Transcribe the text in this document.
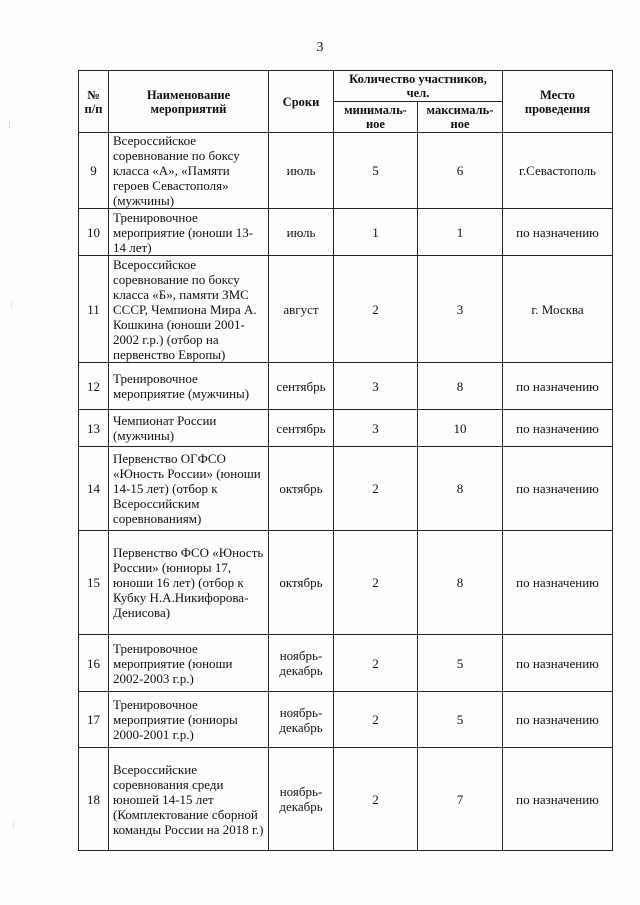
3
⁝
⁝
⁝
№ п/п	Наименование мероприятий	Сроки	Количество участников, чел.		Место проведения
			минималь-ное	максималь-ное	
9	Всероссийское соревнование по боксу класса «А», «Памяти героев Севастополя» (мужчины)	июль	5	6	г.Севастополь
10	Тренировочное мероприятие (юноши 13-14 лет)	июль	1	1	по назначению
11	Всероссийское соревнование по боксу класса «Б», памяти ЗМС СССР, Чемпиона Мира А. Кошкина (юноши 2001-2002 г.р.) (отбор на первенство Европы)	август	2	3	г. Москва
12	Тренировочное мероприятие (мужчины)	сентябрь	3	8	по назначению
13	Чемпионат России (мужчины)	сентябрь	3	10	по назначению
14	Первенство ОГФСО «Юность России» (юноши 14-15 лет) (отбор к Всероссийским соревнованиям)	октябрь	2	8	по назначению
15	Первенство ФСО «Юность России» (юниоры 17, юноши 16 лет) (отбор к Кубку Н.А.Никифорова-Денисова)	октябрь	2	8	по назначению
16	Тренировочное мероприятие (юноши 2002-2003 г.р.)	ноябрь-декабрь	2	5	по назначению
17	Тренировочное мероприятие (юниоры 2000-2001 г.р.)	ноябрь-декабрь	2	5	по назначению
18	Всероссийские соревнования среди юношей 14-15 лет (Комплектование сборной команды России на 2018 г.)	ноябрь-декабрь	2	7	по назначению
